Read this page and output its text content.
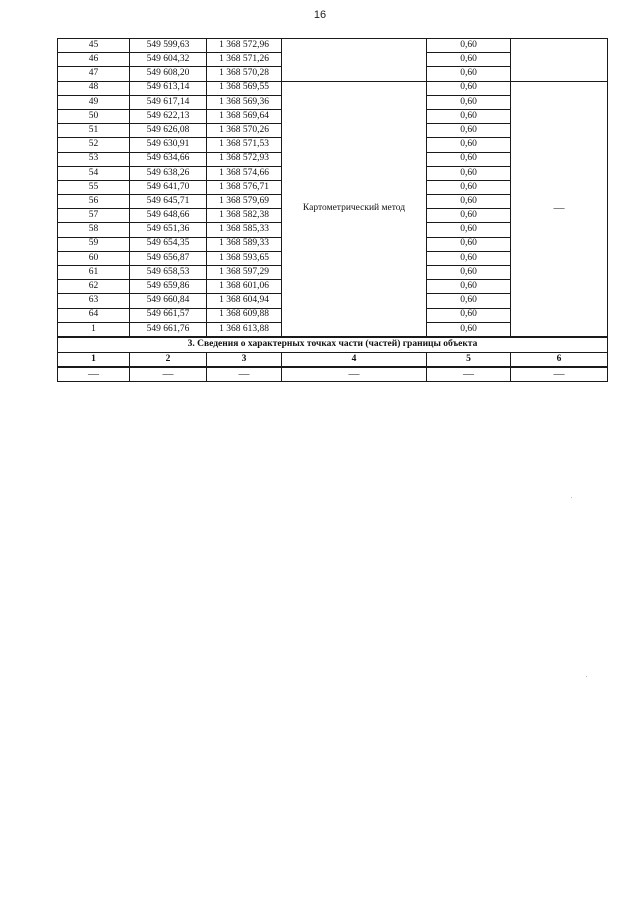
16
45	549 599,63	1 368 572,96		0,60	
46	549 604,32	1 368 571,26		0,60	
47	549 608,20	1 368 570,28		0,60	
48	549 613,14	1 368 569,55	Картометрический метод	0,60	—
49	549 617,14	1 368 569,36		0,60	
50	549 622,13	1 368 569,64		0,60	
51	549 626,08	1 368 570,26		0,60	
52	549 630,91	1 368 571,53		0,60	
53	549 634,66	1 368 572,93		0,60	
54	549 638,26	1 368 574,66		0,60	
55	549 641,70	1 368 576,71		0,60	
56	549 645,71	1 368 579,69		0,60	
57	549 648,66	1 368 582,38		0,60	
58	549 651,36	1 368 585,33		0,60	
59	549 654,35	1 368 589,33		0,60	
60	549 656,87	1 368 593,65		0,60	
61	549 658,53	1 368 597,29		0,60	
62	549 659,86	1 368 601,06		0,60	
63	549 660,84	1 368 604,94		0,60	
64	549 661,57	1 368 609,88		0,60	
1	549 661,76	1 368 613,88		0,60	
3. Сведения о характерных точках части (частей) границы объекта					
1	2	3	4	5	6
—	—	—	—	—	—
